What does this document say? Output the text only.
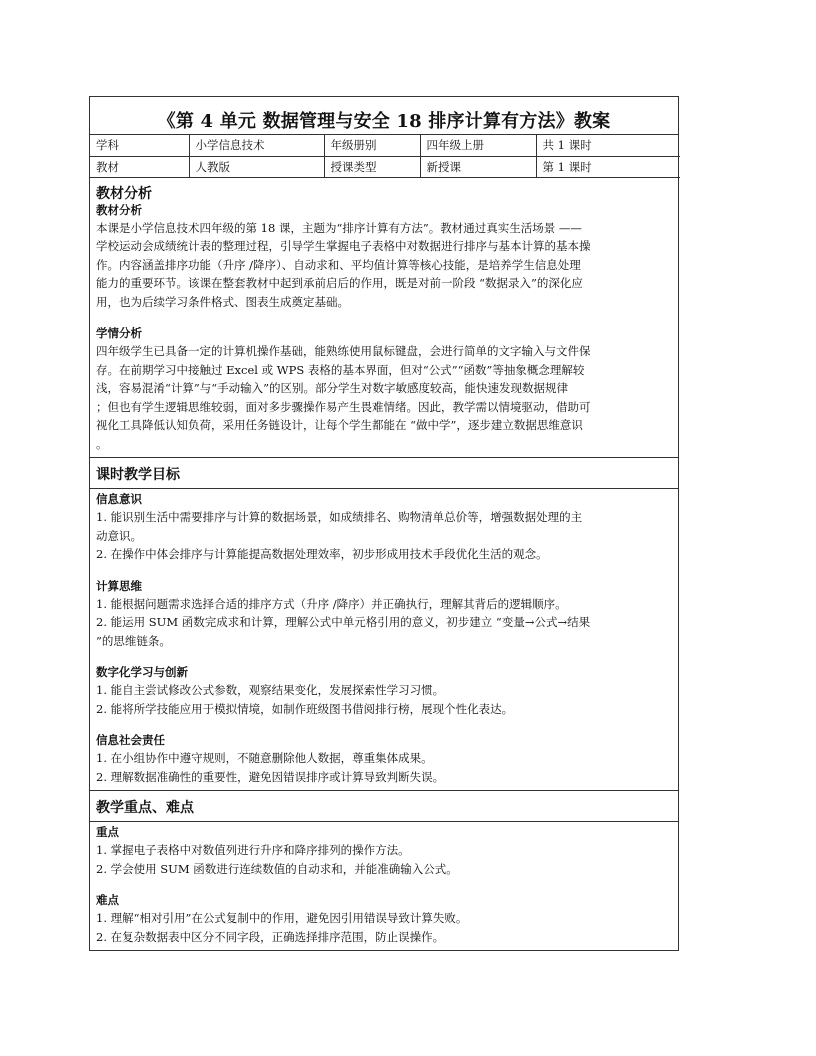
《第 4 单元 数据管理与安全 18 排序计算有方法》教案
学科	小学信息技术	年级册别	四年级上册	共 1 课时
教材	人教版	授课类型	新授课	第 1 课时
教材分析

教材分析

本课是小学信息技术四年级的第 18 课，主题为“排序计算有方法”。教材通过真实生活场景 ——

学校运动会成绩统计表的整理过程，引导学生掌握电子表格中对数据进行排序与基本计算的基本操

作。内容涵盖排序功能（升序 /降序）、自动求和、平均值计算等核心技能，是培养学生信息处理

能力的重要环节。该课在整套教材中起到承前启后的作用，既是对前一阶段 “数据录入”的深化应

用，也为后续学习条件格式、图表生成奠定基础。

学情分析

四年级学生已具备一定的计算机操作基础，能熟练使用鼠标键盘，会进行简单的文字输入与文件保

存。在前期学习中接触过 Excel 或 WPS 表格的基本界面，但对“公式”“函数”等抽象概念理解较

浅，容易混淆“计算”与“手动输入”的区别。部分学生对数字敏感度较高，能快速发现数据规律

；但也有学生逻辑思维较弱，面对多步骤操作易产生畏难情绪。因此，教学需以情境驱动，借助可

视化工具降低认知负荷，采用任务链设计，让每个学生都能在 “做中学”，逐步建立数据思维意识

。

课时教学目标

信息意识

1. 能识别生活中需要排序与计算的数据场景，如成绩排名、购物清单总价等，增强数据处理的主

动意识。

2. 在操作中体会排序与计算能提高数据处理效率，初步形成用技术手段优化生活的观念。

计算思维

1. 能根据问题需求选择合适的排序方式（升序 /降序）并正确执行，理解其背后的逻辑顺序。

2. 能运用 SUM 函数完成求和计算，理解公式中单元格引用的意义，初步建立 “变量→公式→结果

”的思维链条。

数字化学习与创新

1. 能自主尝试修改公式参数，观察结果变化，发展探索性学习习惯。

2. 能将所学技能应用于模拟情境，如制作班级图书借阅排行榜，展现个性化表达。

信息社会责任

1. 在小组协作中遵守规则，不随意删除他人数据，尊重集体成果。

2. 理解数据准确性的重要性，避免因错误排序或计算导致判断失误。

教学重点、难点

重点

1. 掌握电子表格中对数值列进行升序和降序排列的操作方法。

2. 学会使用 SUM 函数进行连续数值的自动求和，并能准确输入公式。

难点

1. 理解“相对引用”在公式复制中的作用，避免因引用错误导致计算失败。

2. 在复杂数据表中区分不同字段，正确选择排序范围，防止误操作。
